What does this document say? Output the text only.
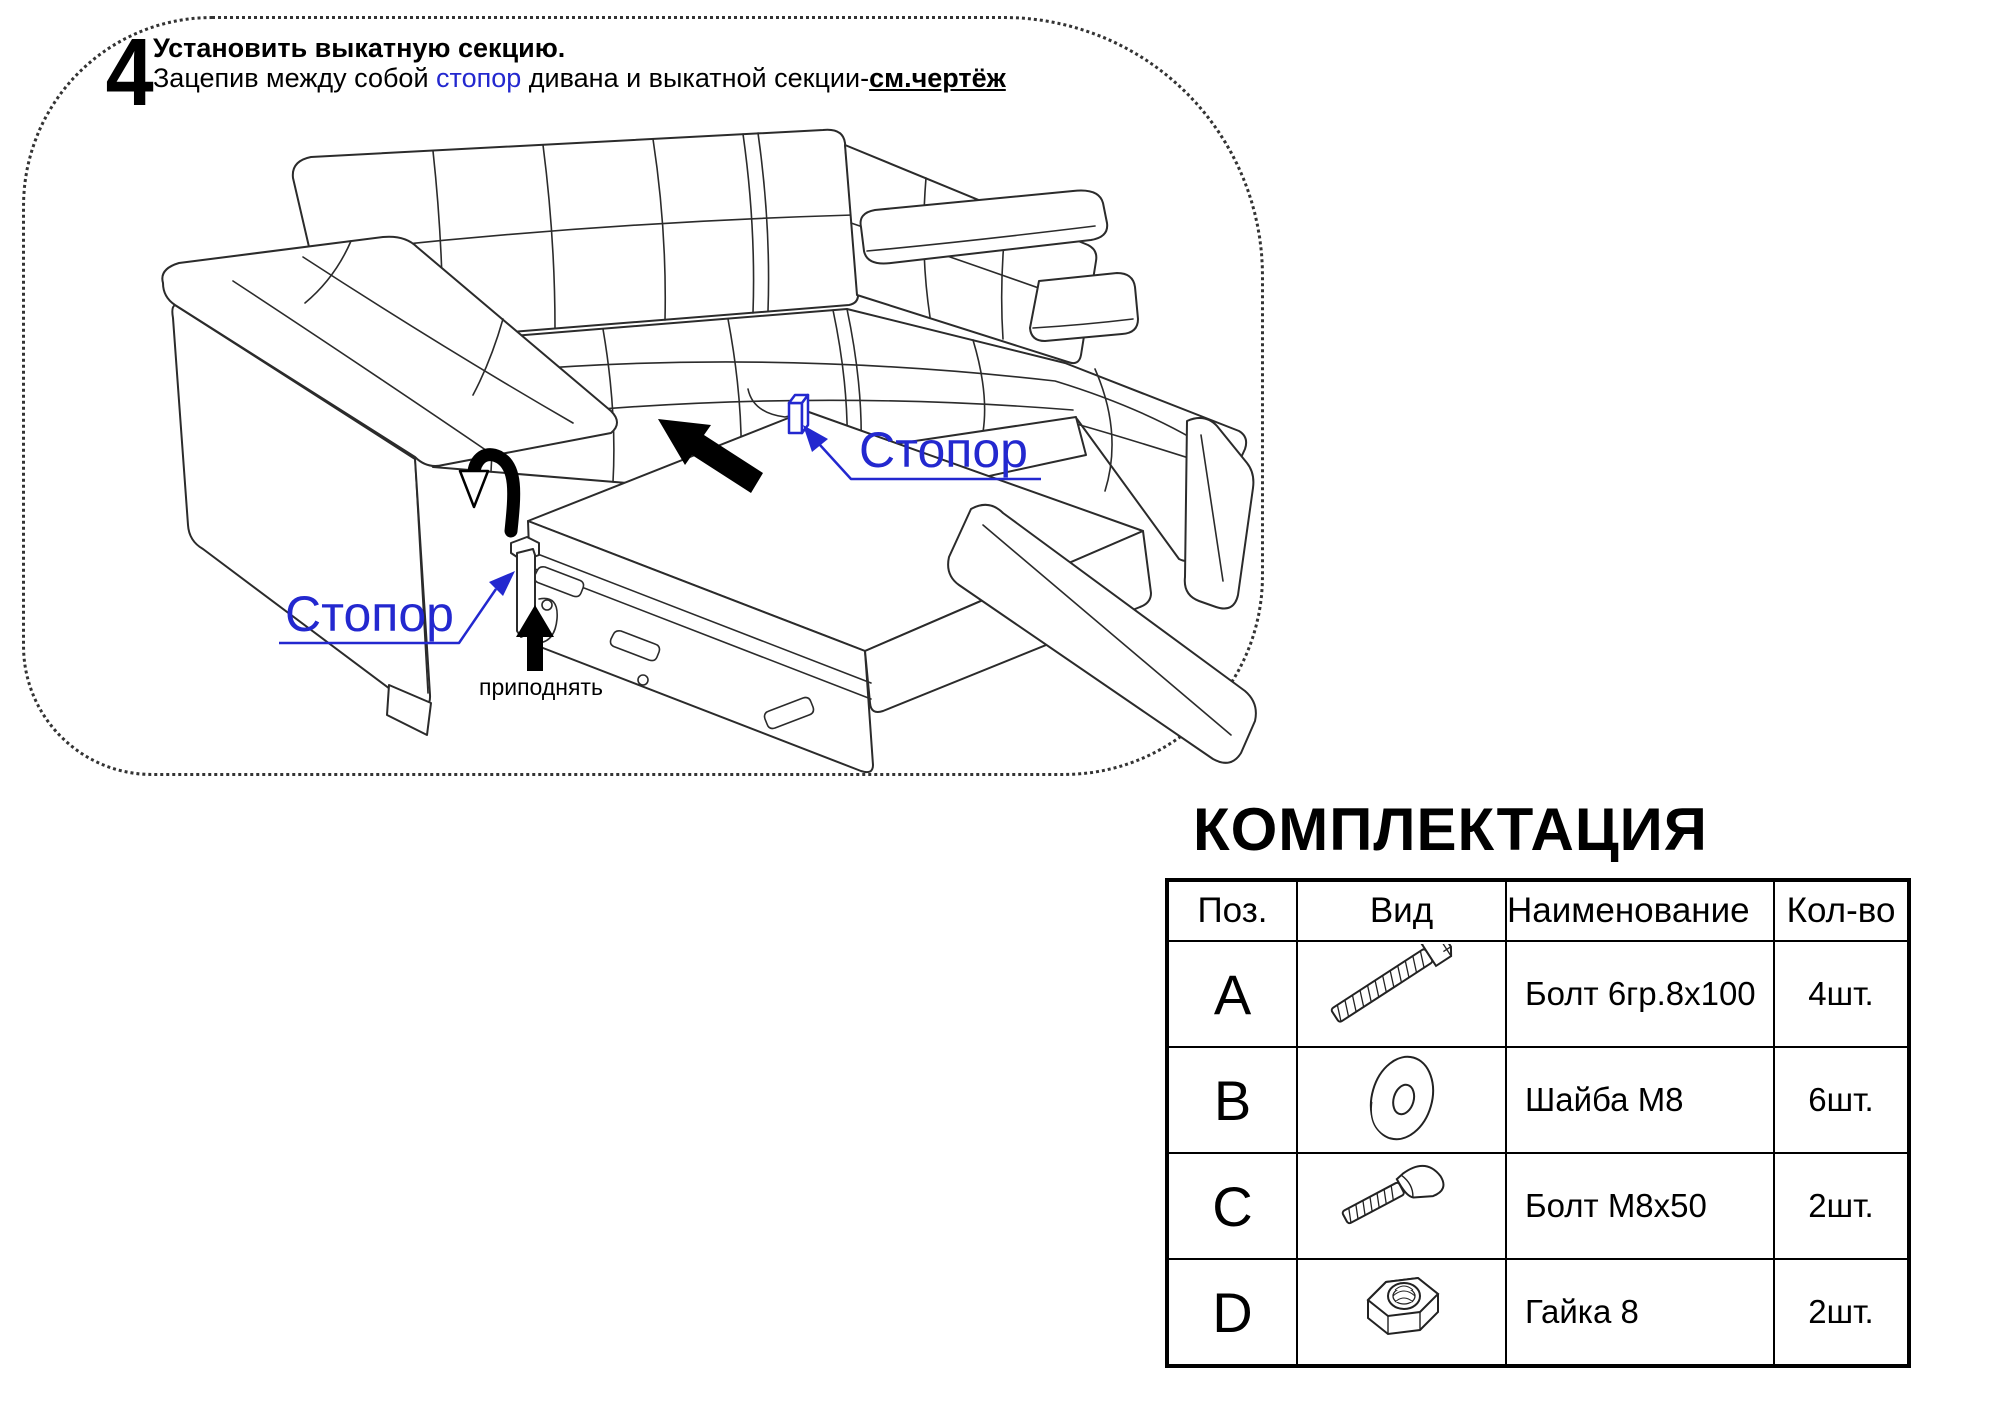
4 Установить выкатную секцию.
Зацепив между собой стопор дивана и выкатной секции-см.чертёж
Стопор
Стопор
приподнять
КОМПЛЕКТАЦИЯ
Поз.	Вид	Наименование	Кол-во
A		Болт 6гр.8х100	4шт.
B		Шайба М8	6шт.
C		Болт М8х50	2шт.
D		Гайка 8	2шт.
